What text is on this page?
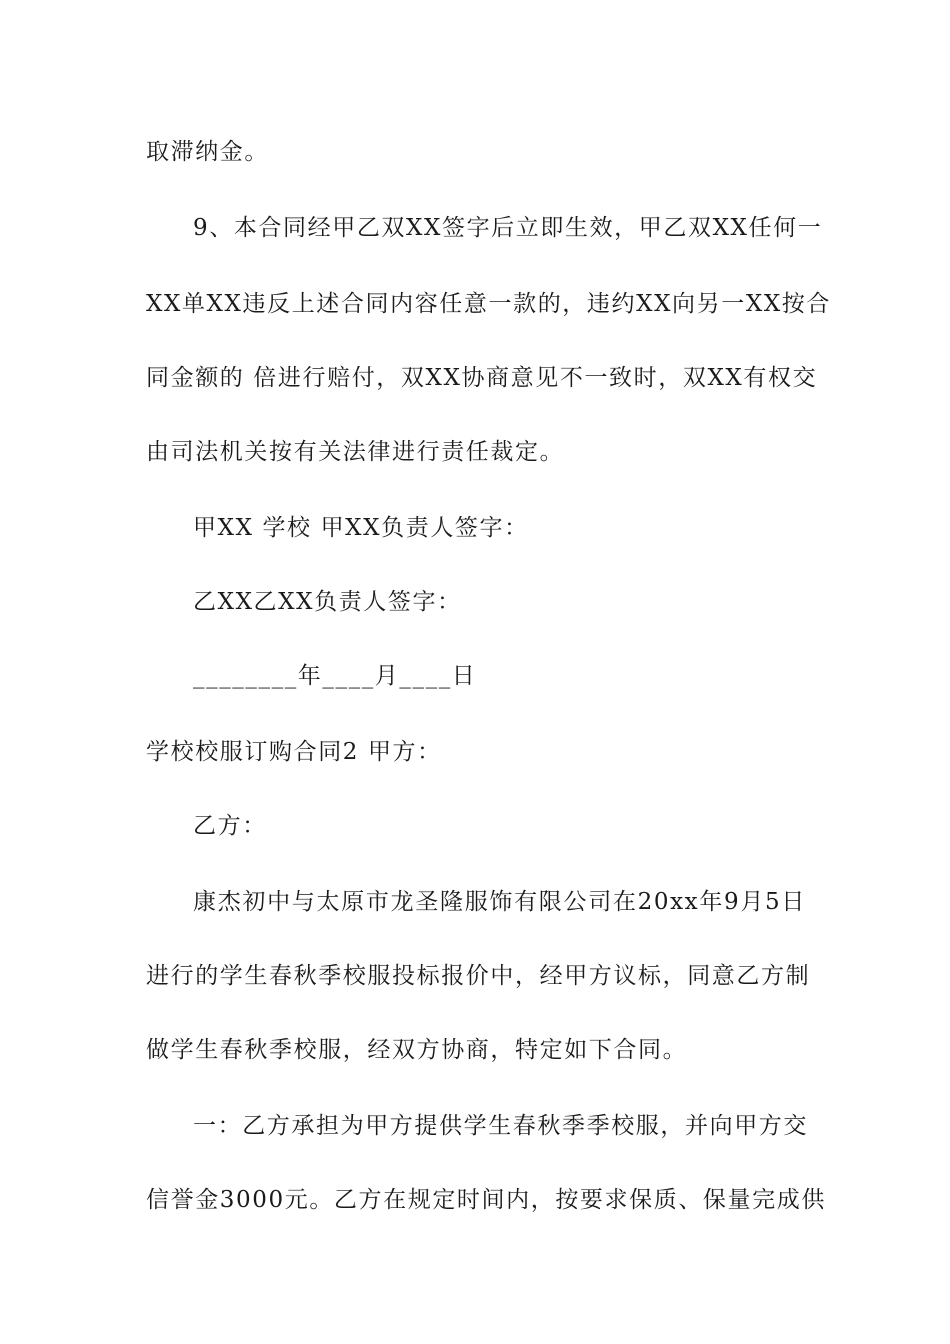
取滞纳金。
9、本合同经甲乙双XX签字后立即生效，甲乙双XX任何一
XX单XX违反上述合同内容任意一款的，违约XX向另一XX按合
同金额的 倍进行赔付，双XX协商意见不一致时，双XX有权交
由司法机关按有关法律进行责任裁定。
甲XX 学校 甲XX负责人签字：
乙XX乙XX负责人签字：
________年____月____日
学校校服订购合同2 甲方：
乙方：
康杰初中与太原市龙圣隆服饰有限公司在20xx年9月5日
进行的学生春秋季校服投标报价中，经甲方议标，同意乙方制
做学生春秋季校服，经双方协商，特定如下合同。
一：乙方承担为甲方提供学生春秋季季校服，并向甲方交
信誉金3000元。乙方在规定时间内，按要求保质、保量完成供
